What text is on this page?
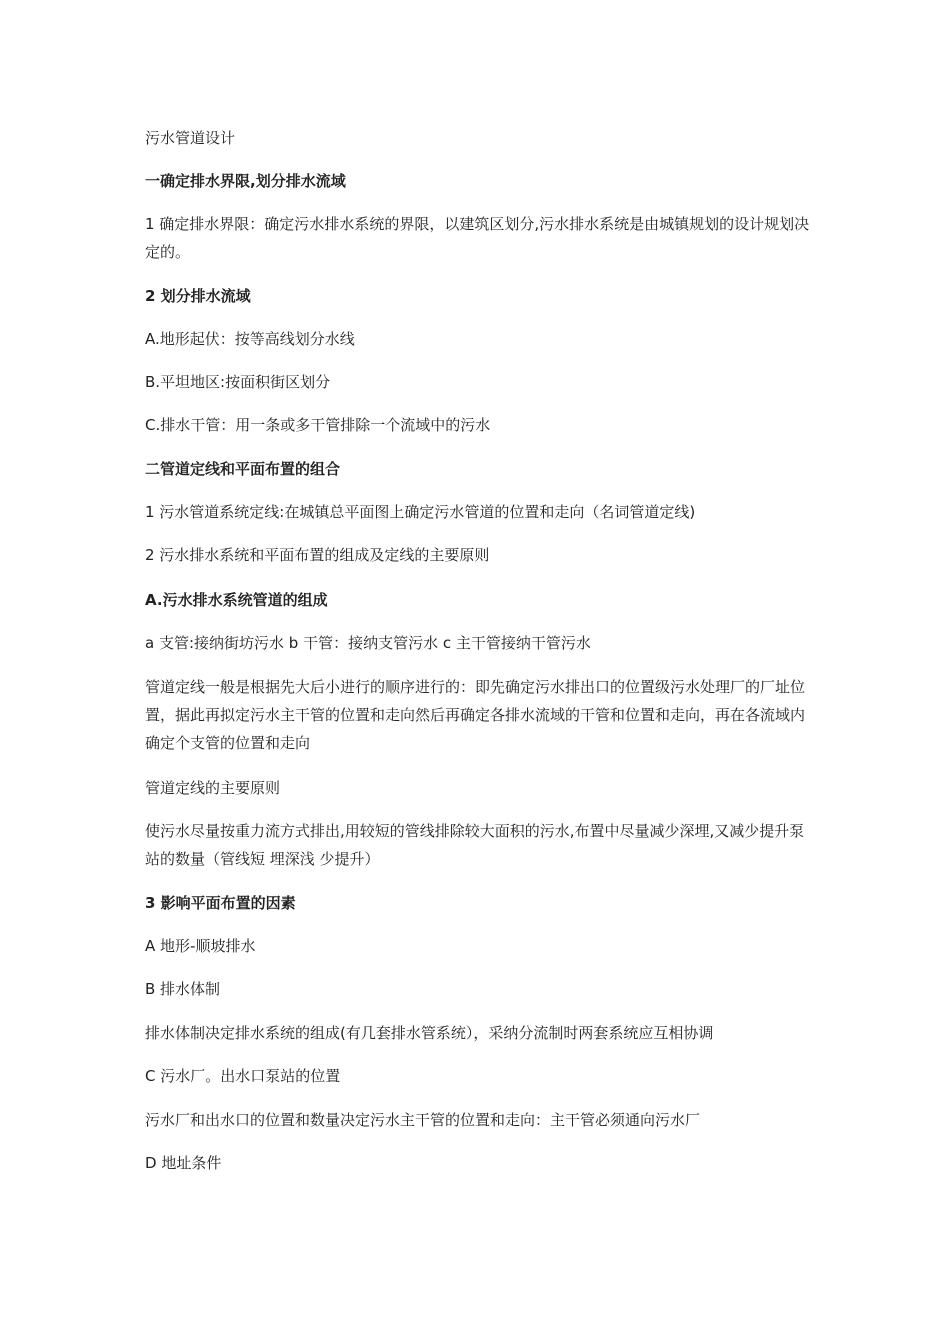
污水管道设计

一确定排水界限,划分排水流域

1 确定排水界限：确定污水排水系统的界限，以建筑区划分,污水排水系统是由城镇规划的设计规划决定的。

2 划分排水流域

A.地形起伏：按等高线划分水线

B.平坦地区:按面积街区划分

C.排水干管：用一条或多干管排除一个流域中的污水

二管道定线和平面布置的组合

1 污水管道系统定线:在城镇总平面图上确定污水管道的位置和走向（名词管道定线)

2 污水排水系统和平面布置的组成及定线的主要原则

A.污水排水系统管道的组成

a 支管:接纳街坊污水 b 干管：接纳支管污水 c 主干管接纳干管污水

管道定线一般是根据先大后小进行的顺序进行的：即先确定污水排出口的位置级污水处理厂的厂址位置，据此再拟定污水主干管的位置和走向然后再确定各排水流域的干管和位置和走向，再在各流域内确定个支管的位置和走向

管道定线的主要原则

使污水尽量按重力流方式排出,用较短的管线排除较大面积的污水,布置中尽量减少深埋,又减少提升泵站的数量（管线短 埋深浅 少提升）

3 影响平面布置的因素

A 地形-顺坡排水

B 排水体制

排水体制决定排水系统的组成(有几套排水管系统），采纳分流制时两套系统应互相协调

C 污水厂。出水口泵站的位置

污水厂和出水口的位置和数量决定污水主干管的位置和走向：主干管必须通向污水厂

D 地址条件
